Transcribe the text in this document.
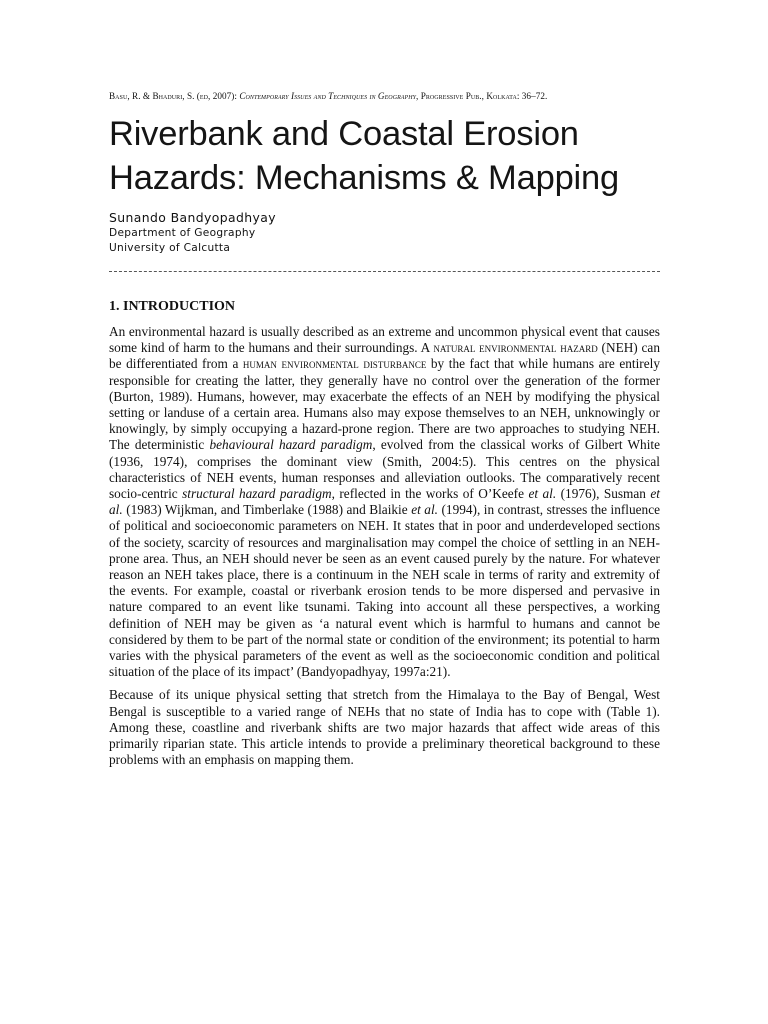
Basu, R. & Bhaduri, S. (ed, 2007): Contemporary Issues and Techniques in Geography, Progressive Pub., Kolkata: 36–72.

Riverbank and Coastal Erosion
Hazards: Mechanisms & Mapping

Sunando Bandyopadhyay

Department of Geography

University of Calcutta

1. INTRODUCTION

An environmental hazard is usually described as an extreme and uncommon physical event that causes some kind of harm to the humans and their surroundings. A natural environmental hazard (NEH) can be differentiated from a human environmental disturbance by the fact that while humans are entirely responsible for creating the latter, they generally have no control over the generation of the former (Burton, 1989). Humans, however, may exacerbate the effects of an NEH by modifying the physical setting or landuse of a certain area. Humans also may expose themselves to an NEH, unknowingly or knowingly, by simply occupying a hazard-prone region. There are two approaches to studying NEH. The deterministic behavioural hazard paradigm, evolved from the classical works of Gilbert White (1936, 1974), comprises the dominant view (Smith, 2004:5). This centres on the physical characteristics of NEH events, human responses and alleviation outlooks. The comparatively recent socio-centric structural hazard paradigm, reflected in the works of O’Keefe et al. (1976), Susman et al. (1983) Wijkman, and Timberlake (1988) and Blaikie et al. (1994), in contrast, stresses the influence of political and socioeconomic parameters on NEH. It states that in poor and underdeveloped sections of the society, scarcity of resources and marginalisation may compel the choice of settling in an NEH-prone area. Thus, an NEH should never be seen as an event caused purely by the nature. For whatever reason an NEH takes place, there is a continuum in the NEH scale in terms of rarity and extremity of the events. For example, coastal or riverbank erosion tends to be more dispersed and pervasive in nature compared to an event like tsunami. Taking into account all these perspectives, a working definition of NEH may be given as ‘a natural event which is harmful to humans and cannot be considered by them to be part of the normal state or condition of the environment; its potential to harm varies with the physical parameters of the event as well as the socioeconomic condition and political situation of the place of its impact’ (Bandyopadhyay, 1997a:21).

Because of its unique physical setting that stretch from the Himalaya to the Bay of Bengal, West Bengal is susceptible to a varied range of NEHs that no state of India has to cope with (Table 1). Among these, coastline and riverbank shifts are two major hazards that affect wide areas of this primarily riparian state. This article intends to provide a preliminary theoretical background to these problems with an emphasis on mapping them.
